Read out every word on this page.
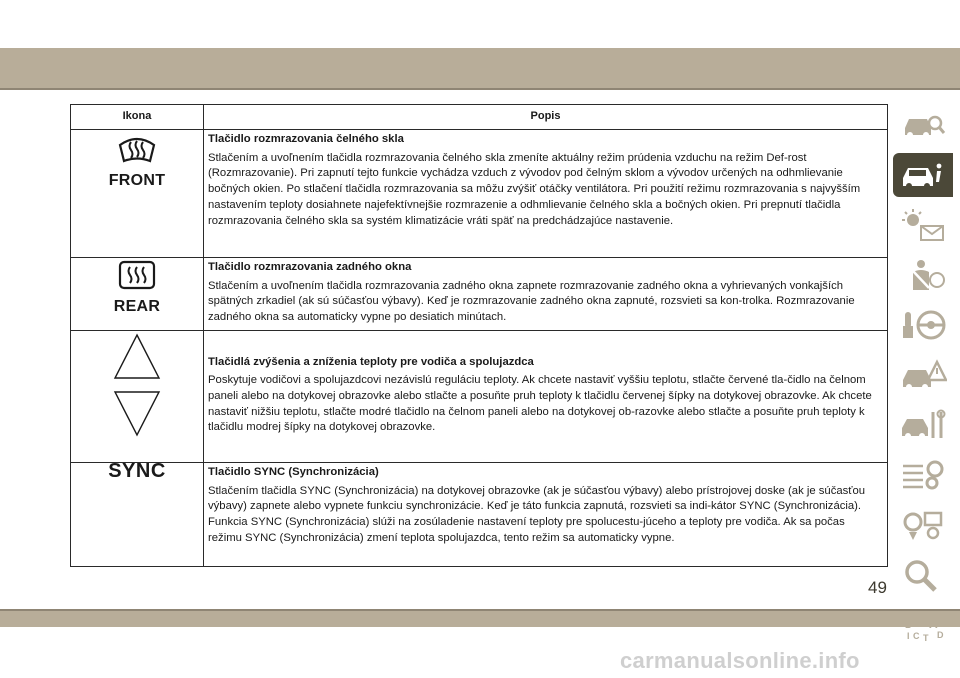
Ikona	Popis

FRONT	Tlačidlo rozmrazovania čelného skla

Stlačením a uvoľnením tlačidla rozmrazovania čelného skla zmeníte aktuálny režim prúdenia vzduchu na režim Def-rost (Rozmrazovanie). Pri zapnutí tejto funkcie vychádza vzduch z vývodov pod čelným sklom a vývodov určených na odhmlievanie bočných okien. Po stlačení tlačidla rozmrazovania sa môžu zvýšiť otáčky ventilátora. Pri použití režimu rozmrazovania s najvyšším nastavením teploty dosiahnete najefektívnejšie rozmrazenie a odhmlievanie čelného skla a bočných okien. Pri prepnutí tlačidla rozmrazovania čelného skla sa systém klimatizácie vráti späť na predchádzajúce nastavenie.

REAR	Tlačidlo rozmrazovania zadného okna

Stlačením a uvoľnením tlačidla rozmrazovania zadného okna zapnete rozmrazovanie zadného okna a vyhrievaných vonkajších spätných zrkadiel (ak sú súčasťou výbavy). Keď je rozmrazovanie zadného okna zapnuté, rozsvieti sa kon-trolka. Rozmrazovanie zadného okna sa automaticky vypne po desiatich minútach.

Tlačidlá zvýšenia a zníženia teploty pre vodiča a spolujazdca

Poskytuje vodičovi a spolujazdcovi nezávislú reguláciu teploty. Ak chcete nastaviť vyššiu teplotu, stlačte červené tla-čidlo na čelnom paneli alebo na dotykovej obrazovke alebo stlačte a posuňte pruh teploty k tlačidlu červenej šípky na dotykovej obrazovke. Ak chcete nastaviť nižšiu teplotu, stlačte modré tlačidlo na čelnom paneli alebo na dotykovej ob-razovke alebo stlačte a posuňte pruh teploty k tlačidlu modrej šípky na dotykovej obrazovke.

SYNC	Tlačidlo SYNC (Synchronizácia)

Stlačením tlačidla SYNC (Synchronizácia) na dotykovej obrazovke (ak je súčasťou výbavy) alebo prístrojovej doske (ak je súčasťou výbavy) zapnete alebo vypnete funkciu synchronizácie. Keď je táto funkcia zapnutá, rozsvieti sa indi-kátor SYNC (Synchronizácia). Funkcia SYNC (Synchronizácia) slúži na zosúladenie nastavení teploty pre spolucestu-júceho a teploty pre vodiča. Ak sa počas režimu SYNC (Synchronizácia) zmení teplota spolujazdca, tento režim sa automaticky vypne.

C D
I T
49
carmanualsonline.info
